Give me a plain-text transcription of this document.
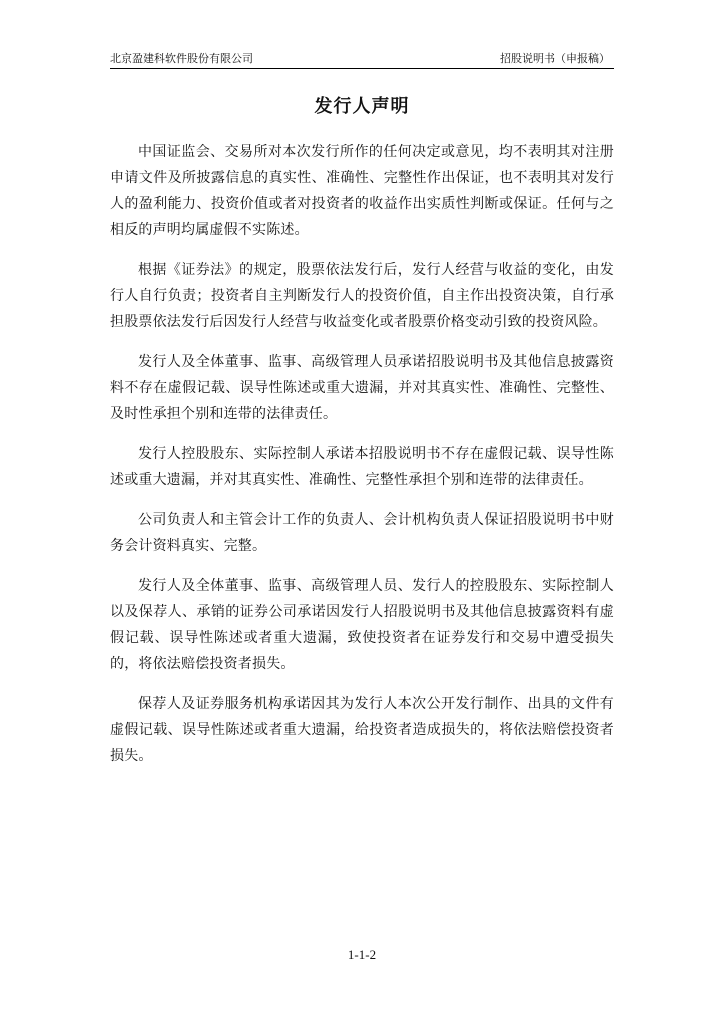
北京盈建科软件股份有限公司	招股说明书（申报稿）
发行人声明

中国证监会、交易所对本次发行所作的任何决定或意见，均不表明其对注册申请文件及所披露信息的真实性、准确性、完整性作出保证，也不表明其对发行人的盈利能力、投资价值或者对投资者的收益作出实质性判断或保证。任何与之相反的声明均属虚假不实陈述。

根据《证券法》的规定，股票依法发行后，发行人经营与收益的变化，由发行人自行负责；投资者自主判断发行人的投资价值，自主作出投资决策，自行承担股票依法发行后因发行人经营与收益变化或者股票价格变动引致的投资风险。

发行人及全体董事、监事、高级管理人员承诺招股说明书及其他信息披露资料不存在虚假记载、误导性陈述或重大遗漏，并对其真实性、准确性、完整性、及时性承担个别和连带的法律责任。

发行人控股股东、实际控制人承诺本招股说明书不存在虚假记载、误导性陈述或重大遗漏，并对其真实性、准确性、完整性承担个别和连带的法律责任。

公司负责人和主管会计工作的负责人、会计机构负责人保证招股说明书中财务会计资料真实、完整。

发行人及全体董事、监事、高级管理人员、发行人的控股股东、实际控制人以及保荐人、承销的证券公司承诺因发行人招股说明书及其他信息披露资料有虚假记载、误导性陈述或者重大遗漏，致使投资者在证券发行和交易中遭受损失的，将依法赔偿投资者损失。

保荐人及证券服务机构承诺因其为发行人本次公开发行制作、出具的文件有虚假记载、误导性陈述或者重大遗漏，给投资者造成损失的，将依法赔偿投资者损失。

1-1-2
